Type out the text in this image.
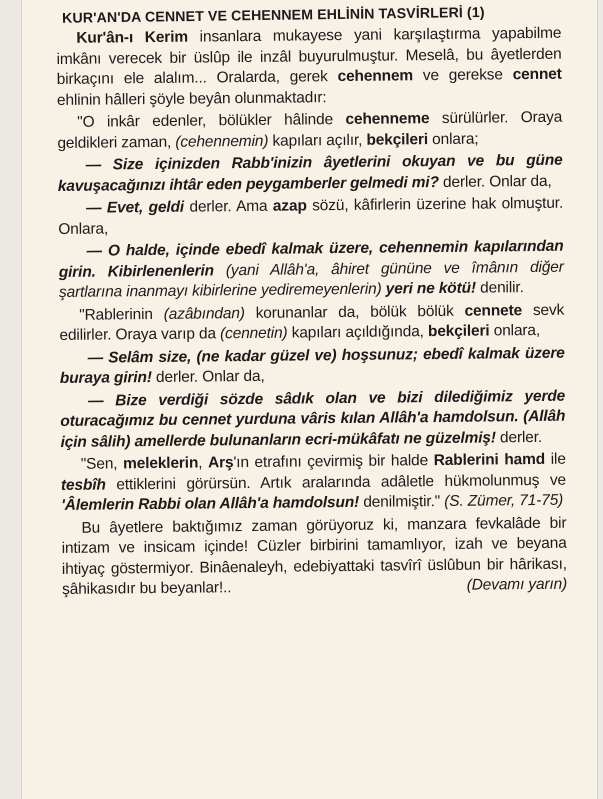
KUR'AN'DA CENNET VE CEHENNEM EHLİNİN TASVİRLERİ (1)

Kur'ân-ı Kerim insanlara mukayese yani karşılaştırma yapabilme imkânı verecek bir üslûp ile inzâl buyurulmuştur. Meselâ, bu âyetlerden birkaçını ele alalım... Oralarda, gerek cehennem ve gerekse cennet ehlinin hâlleri şöyle beyân olunmaktadır:

"O inkâr edenler, bölükler hâlinde cehenneme sürülürler. Oraya geldikleri zaman, (cehennemin) kapıları açılır, bekçileri onlara;

— Size içinizden Rabb'inizin âyetlerini okuyan ve bu güne kavuşacağınızı ihtâr eden peygamberler gelmedi mi? derler. Onlar da,

— Evet, geldi derler. Ama azap sözü, kâfirlerin üzerine hak olmuştur. Onlara,

— O halde, içinde ebedî kalmak üzere, cehennemin kapılarından girin. Kibirlenenlerin (yani Allâh'a, âhiret gününe ve îmânın diğer şartlarına inanmayı kibirlerine yediremeyenlerin) yeri ne kötü! denilir.

"Rablerinin (azâbından) korunanlar da, bölük bölük cennete sevk edilirler. Oraya varıp da (cennetin) kapıları açıldığında, bekçileri onlara,

— Selâm size, (ne kadar güzel ve) hoşsunuz; ebedî kalmak üzere buraya girin! derler. Onlar da,

— Bize verdiği sözde sâdık olan ve bizi dilediğimiz yerde oturacağımız bu cennet yurduna vâris kılan Allâh'a hamdolsun. (Allâh için sâlih) amellerde bulunanların ecri-mükâfatı ne güzelmiş! derler.

"Sen, meleklerin, Arş'ın etrafını çevirmiş bir halde Rablerini hamd ile tesbîh ettiklerini görürsün. Artık aralarında adâletle hükmolunmuş ve 'Âlemlerin Rabbi olan Allâh'a hamdolsun! denilmiştir." (S. Zümer, 71-75)

Bu âyetlere baktığımız zaman görüyoruz ki, manzara fevkalâde bir intizam ve insicam içinde! Cüzler birbirini tamamlıyor, izah ve beyana ihtiyaç göstermiyor. Binâenaleyh, edebiyattaki tasvîrî üslûbun bir hârikası, şâhikasıdır bu beyanlar!..	(Devamı yarın)
